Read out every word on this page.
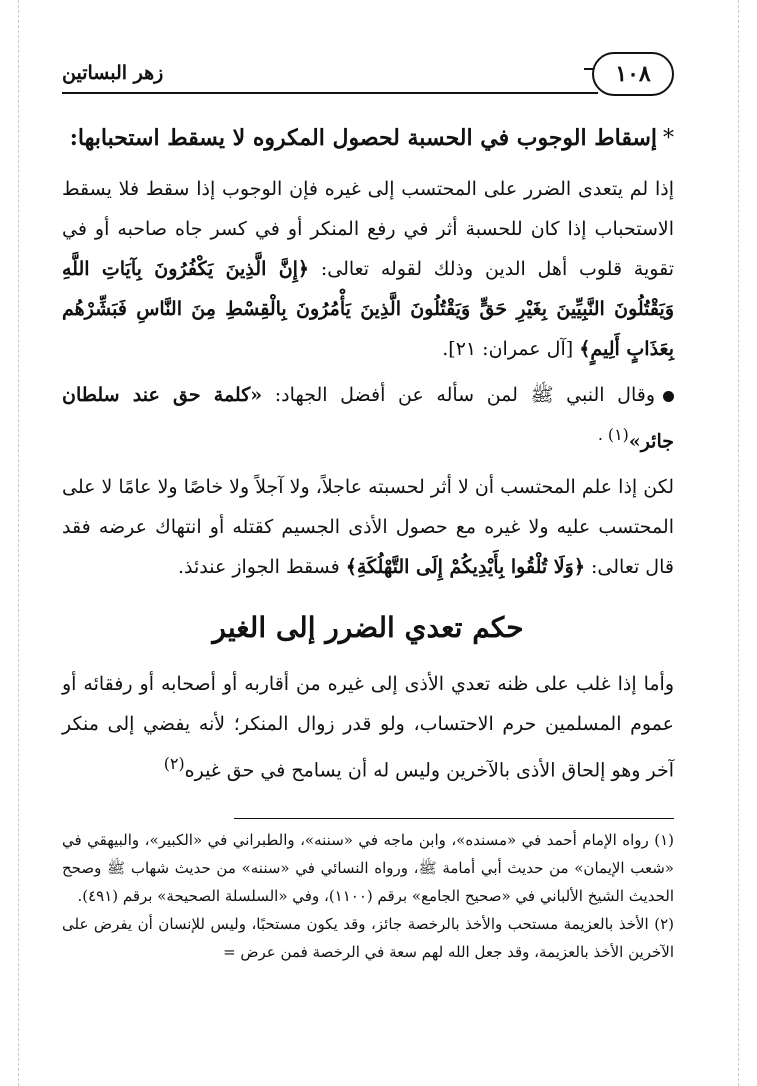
١٠٨
زهر البساتين
*إسقاط الوجوب في الحسبة لحصول المكروه لا يسقط استحبابها:

إذا لم يتعدى الضرر على المحتسب إلى غيره فإن الوجوب إذا سقط فلا يسقط الاستحباب إذا كان للحسبة أثر في رفع المنكر أو في كسر جاه صاحبه أو في تقوية قلوب أهل الدين وذلك لقوله تعالى: ﴿إِنَّ الَّذِينَ يَكْفُرُونَ بِآيَاتِ اللَّهِ وَيَقْتُلُونَ النَّبِيِّينَ بِغَيْرِ حَقٍّ وَيَقْتُلُونَ الَّذِينَ يَأْمُرُونَ بِالْقِسْطِ مِنَ النَّاسِ فَبَشِّرْهُم بِعَذَابٍ أَلِيمٍ﴾ [آل عمران: ٢١].

وقال النبي ﷺ لمن سأله عن أفضل الجهاد: «كلمة حق عند سلطان جائر»$^{(١) .}$

لكن إذا علم المحتسب أن لا أثر لحسبته عاجلاً، ولا آجلاً ولا خاصًا ولا عامًا لا على المحتسب عليه ولا غيره مع حصول الأذى الجسيم كقتله أو انتهاك عرضه فقد قال تعالى: ﴿وَلَا تُلْقُوا بِأَيْدِيكُمْ إِلَى التَّهْلُكَةِ﴾ فسقط الجواز عندئذ.

حكم تعدي الضرر إلى الغير

وأما إذا غلب على ظنه تعدي الأذى إلى غيره من أقاربه أو أصحابه أو رفقائه أو عموم المسلمين حرم الاحتساب، ولو قدر زوال المنكر؛ لأنه يفضي إلى منكر آخر وهو إلحاق الأذى بالآخرين وليس له أن يسامح في حق غيره$^{(٢)}$

(١) رواه الإمام أحمد في «مسنده»، وابن ماجه في «سننه»، والطبراني في «الكبير»، والبيهقي في «شعب الإيمان» من حديث أبي أمامة ﷺ، ورواه النسائي في «سننه» من حديث شهاب ﷺ وصحح الحديث الشيخ الألباني في «صحيح الجامع» برقم (١١٠٠)، وفي «السلسلة الصحيحة» برقم (٤٩١).

(٢) الأخذ بالعزيمة مستحب والأخذ بالرخصة جائز، وقد يكون مستحبًا، وليس للإنسان أن يفرض على الآخرين الأخذ بالعزيمة، وقد جعل الله لهم سعة في الرخصة فمن عرض =
